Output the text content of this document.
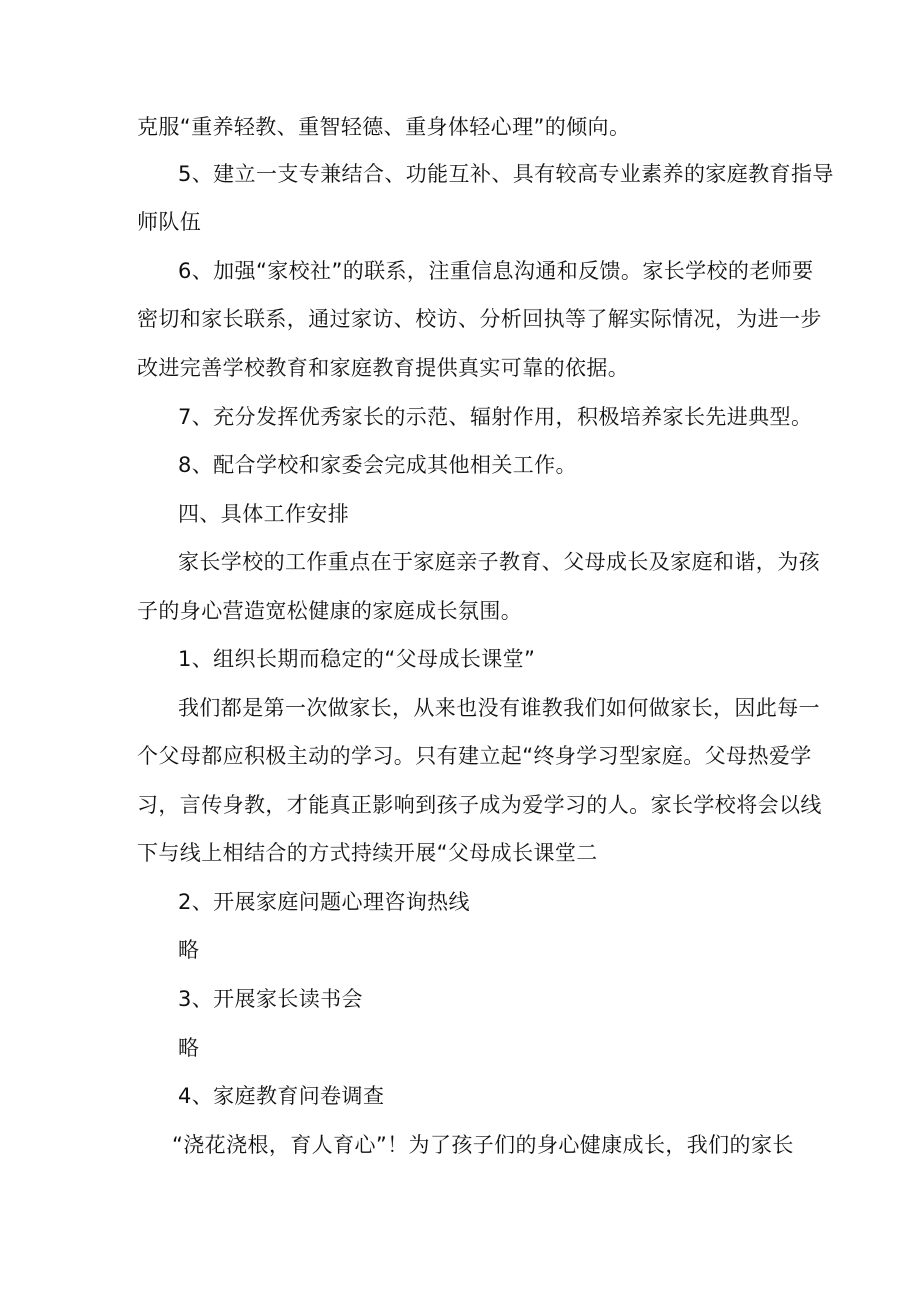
克服“重养轻教、重智轻德、重身体轻心理”的倾向。
5、建立一支专兼结合、功能互补、具有较高专业素养的家庭教育指导
师队伍
6、加强“家校社”的联系，注重信息沟通和反馈。家长学校的老师要
密切和家长联系，通过家访、校访、分析回执等了解实际情况，为进一步
改进完善学校教育和家庭教育提供真实可靠的依据。
7、充分发挥优秀家长的示范、辐射作用，积极培养家长先进典型。
8、配合学校和家委会完成其他相关工作。
四、具体工作安排
家长学校的工作重点在于家庭亲子教育、父母成长及家庭和谐，为孩
子的身心营造宽松健康的家庭成长氛围。
1、组织长期而稳定的“父母成长课堂”
我们都是第一次做家长，从来也没有谁教我们如何做家长，因此每一
个父母都应积极主动的学习。只有建立起“终身学习型家庭。父母热爱学
习，言传身教，才能真正影响到孩子成为爱学习的人。家长学校将会以线
下与线上相结合的方式持续开展“父母成长课堂二
2、开展家庭问题心理咨询热线
略
3、开展家长读书会
略
4、家庭教育问卷调查
“浇花浇根，育人育心”！为了孩子们的身心健康成长，我们的家长
